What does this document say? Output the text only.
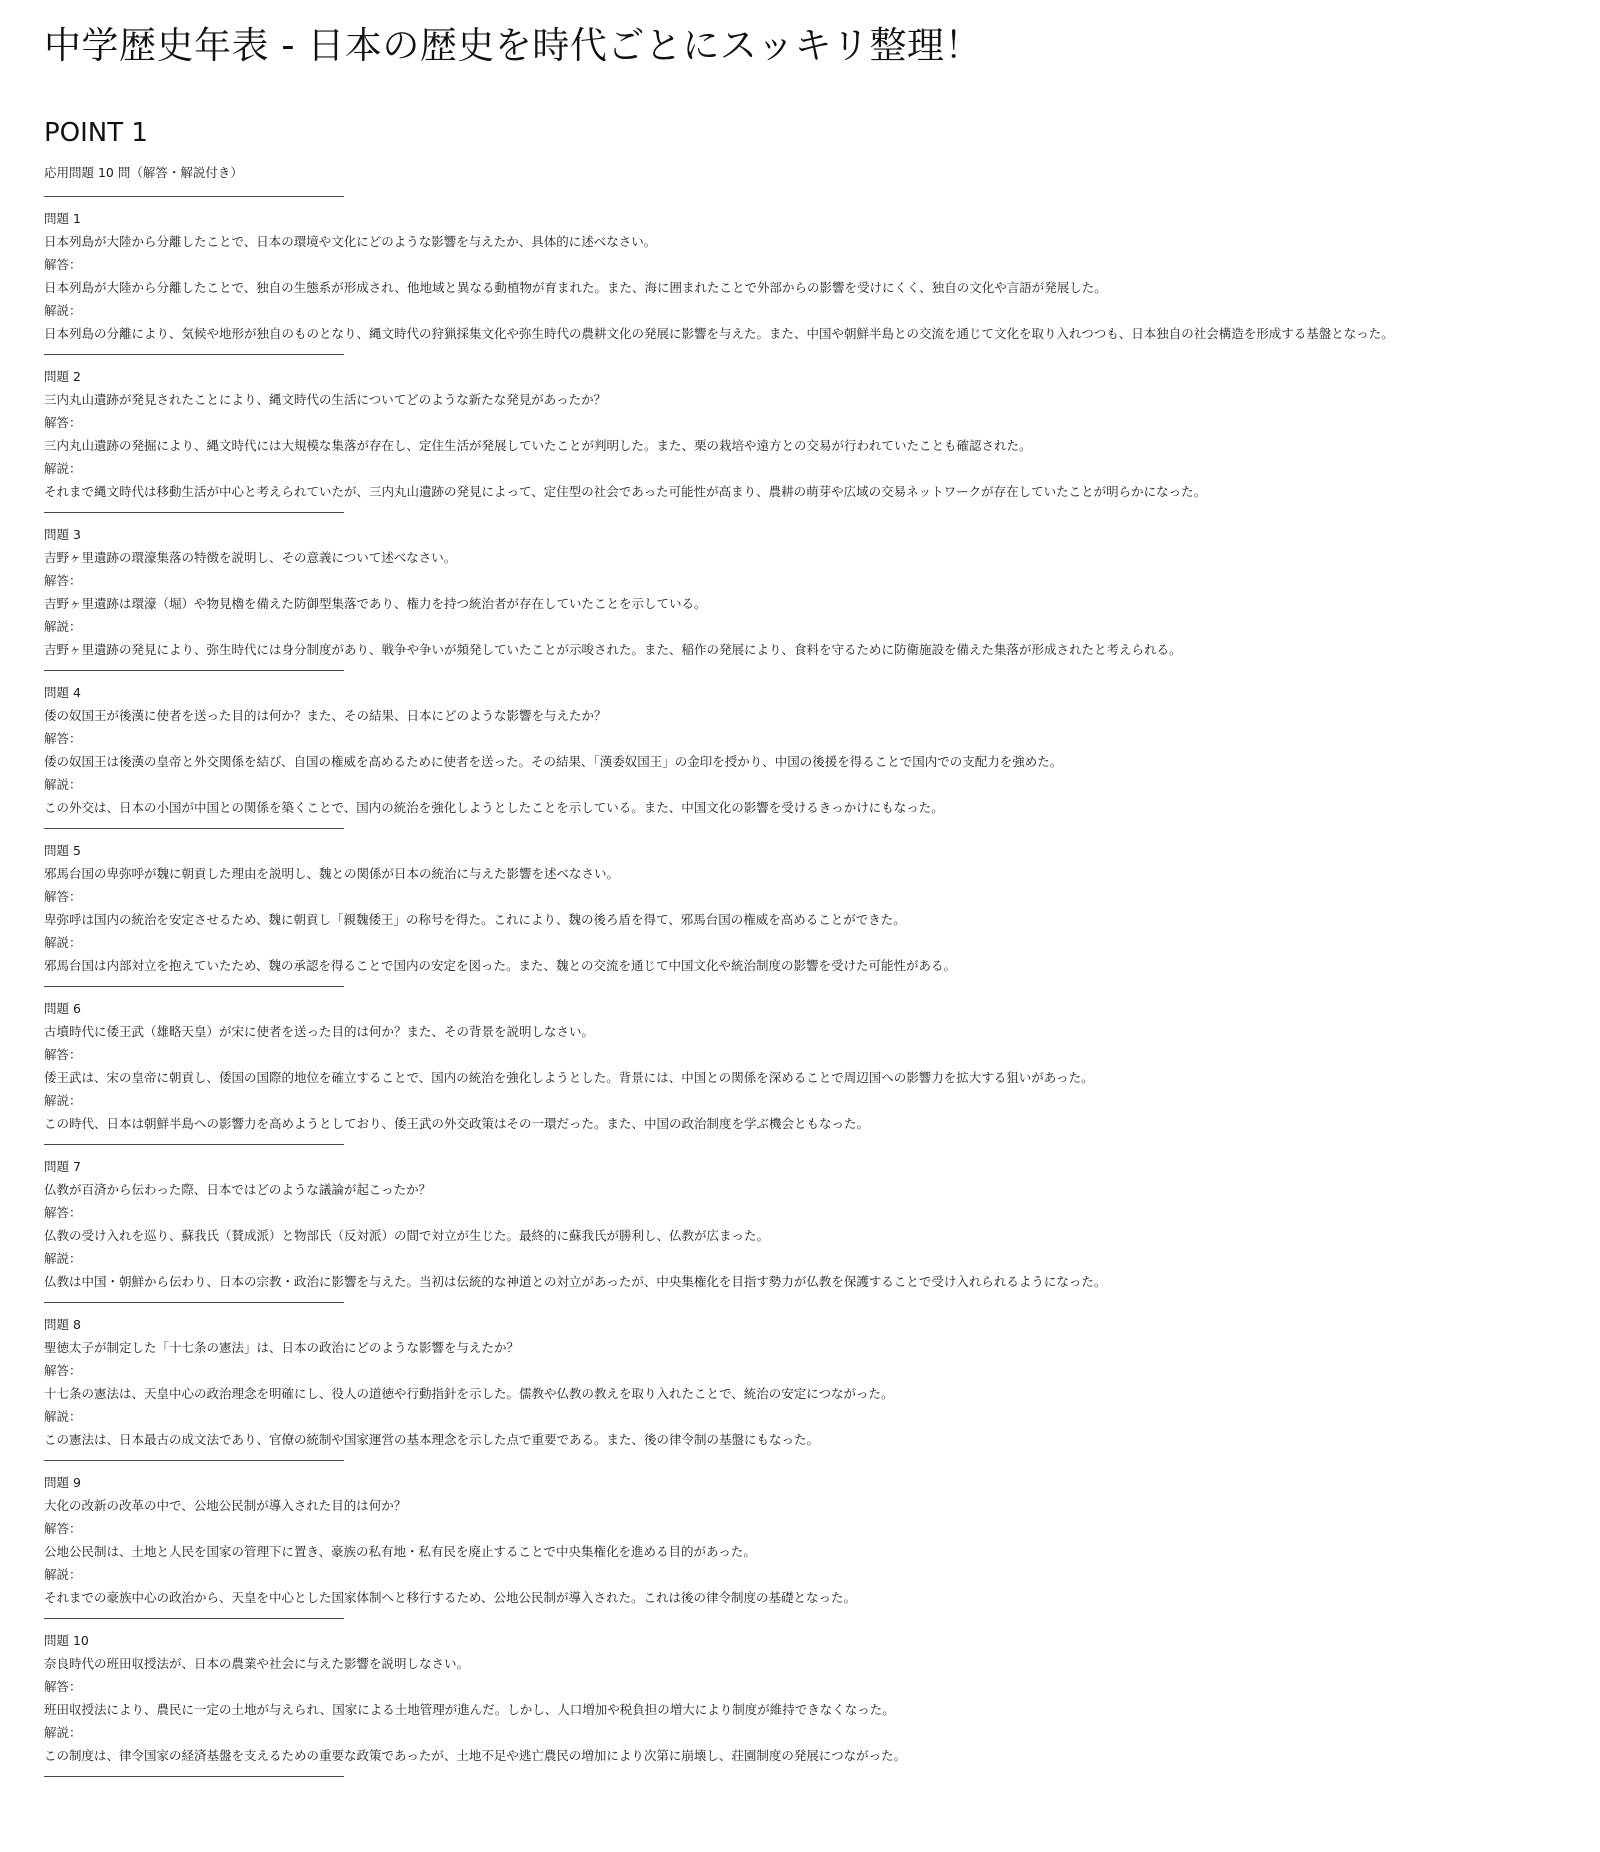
中学歴史年表 - 日本の歴史を時代ごとにスッキリ整理！
POINT 1

応用問題 10 問（解答・解説付き）

問題 1

日本列島が大陸から分離したことで、日本の環境や文化にどのような影響を与えたか、具体的に述べなさい。

解答：

日本列島が大陸から分離したことで、独自の生態系が形成され、他地域と異なる動植物が育まれた。また、海に囲まれたことで外部からの影響を受けにくく、独自の文化や言語が発展した。

解説：

日本列島の分離により、気候や地形が独自のものとなり、縄文時代の狩猟採集文化や弥生時代の農耕文化の発展に影響を与えた。また、中国や朝鮮半島との交流を通じて文化を取り入れつつも、日本独自の社会構造を形成する基盤となった。

問題 2

三内丸山遺跡が発見されたことにより、縄文時代の生活についてどのような新たな発見があったか？

解答：

三内丸山遺跡の発掘により、縄文時代には大規模な集落が存在し、定住生活が発展していたことが判明した。また、栗の栽培や遠方との交易が行われていたことも確認された。

解説：

それまで縄文時代は移動生活が中心と考えられていたが、三内丸山遺跡の発見によって、定住型の社会であった可能性が高まり、農耕の萌芽や広域の交易ネットワークが存在していたことが明らかになった。

問題 3

吉野ヶ里遺跡の環濠集落の特徴を説明し、その意義について述べなさい。

解答：

吉野ヶ里遺跡は環濠（堀）や物見櫓を備えた防御型集落であり、権力を持つ統治者が存在していたことを示している。

解説：

吉野ヶ里遺跡の発見により、弥生時代には身分制度があり、戦争や争いが頻発していたことが示唆された。また、稲作の発展により、食料を守るために防衛施設を備えた集落が形成されたと考えられる。

問題 4

倭の奴国王が後漢に使者を送った目的は何か？また、その結果、日本にどのような影響を与えたか？

解答：

倭の奴国王は後漢の皇帝と外交関係を結び、自国の権威を高めるために使者を送った。その結果、「漢委奴国王」の金印を授かり、中国の後援を得ることで国内での支配力を強めた。

解説：

この外交は、日本の小国が中国との関係を築くことで、国内の統治を強化しようとしたことを示している。また、中国文化の影響を受けるきっかけにもなった。

問題 5

邪馬台国の卑弥呼が魏に朝貢した理由を説明し、魏との関係が日本の統治に与えた影響を述べなさい。

解答：

卑弥呼は国内の統治を安定させるため、魏に朝貢し「親魏倭王」の称号を得た。これにより、魏の後ろ盾を得て、邪馬台国の権威を高めることができた。

解説：

邪馬台国は内部対立を抱えていたため、魏の承認を得ることで国内の安定を図った。また、魏との交流を通じて中国文化や統治制度の影響を受けた可能性がある。

問題 6

古墳時代に倭王武（雄略天皇）が宋に使者を送った目的は何か？また、その背景を説明しなさい。

解答：

倭王武は、宋の皇帝に朝貢し、倭国の国際的地位を確立することで、国内の統治を強化しようとした。背景には、中国との関係を深めることで周辺国への影響力を拡大する狙いがあった。

解説：

この時代、日本は朝鮮半島への影響力を高めようとしており、倭王武の外交政策はその一環だった。また、中国の政治制度を学ぶ機会ともなった。

問題 7

仏教が百済から伝わった際、日本ではどのような議論が起こったか？

解答：

仏教の受け入れを巡り、蘇我氏（賛成派）と物部氏（反対派）の間で対立が生じた。最終的に蘇我氏が勝利し、仏教が広まった。

解説：

仏教は中国・朝鮮から伝わり、日本の宗教・政治に影響を与えた。当初は伝統的な神道との対立があったが、中央集権化を目指す勢力が仏教を保護することで受け入れられるようになった。

問題 8

聖徳太子が制定した「十七条の憲法」は、日本の政治にどのような影響を与えたか？

解答：

十七条の憲法は、天皇中心の政治理念を明確にし、役人の道徳や行動指針を示した。儒教や仏教の教えを取り入れたことで、統治の安定につながった。

解説：

この憲法は、日本最古の成文法であり、官僚の統制や国家運営の基本理念を示した点で重要である。また、後の律令制の基盤にもなった。

問題 9

大化の改新の改革の中で、公地公民制が導入された目的は何か？

解答：

公地公民制は、土地と人民を国家の管理下に置き、豪族の私有地・私有民を廃止することで中央集権化を進める目的があった。

解説：

それまでの豪族中心の政治から、天皇を中心とした国家体制へと移行するため、公地公民制が導入された。これは後の律令制度の基礎となった。

問題 10

奈良時代の班田収授法が、日本の農業や社会に与えた影響を説明しなさい。

解答：

班田収授法により、農民に一定の土地が与えられ、国家による土地管理が進んだ。しかし、人口増加や税負担の増大により制度が維持できなくなった。

解説：

この制度は、律令国家の経済基盤を支えるための重要な政策であったが、土地不足や逃亡農民の増加により次第に崩壊し、荘園制度の発展につながった。
